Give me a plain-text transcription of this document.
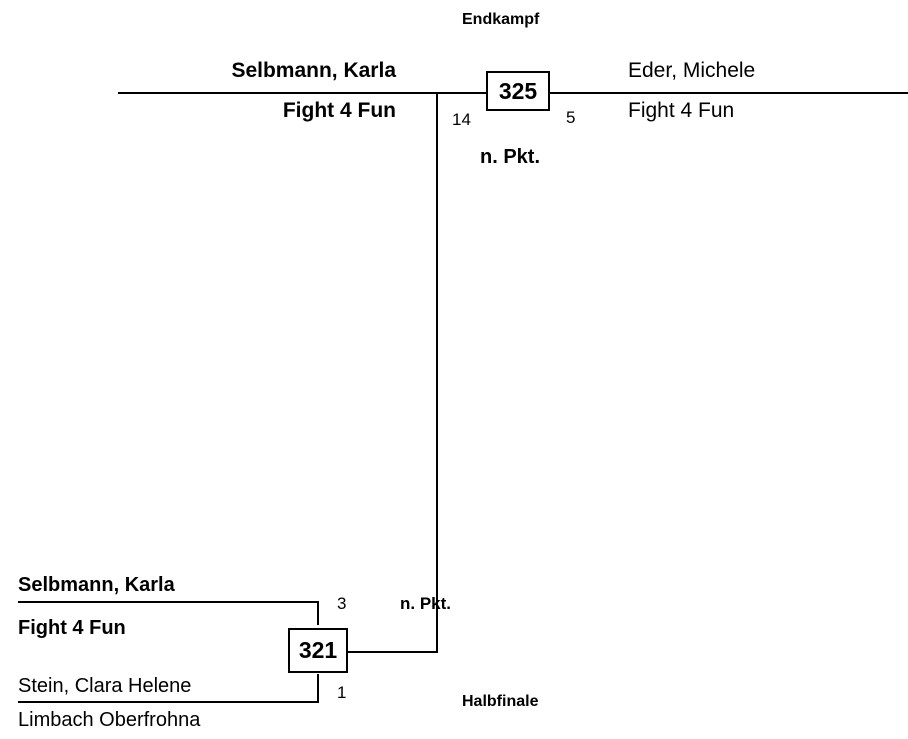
Endkampf
Selbmann, Karla
Fight 4 Fun
Eder, Michele
Fight 4 Fun
325
14	5
n. Pkt.
Selbmann, Karla
Fight 4 Fun
Stein, Clara Helene
Limbach Oberfrohna
321
3
1
n. Pkt.
Halbfinale
